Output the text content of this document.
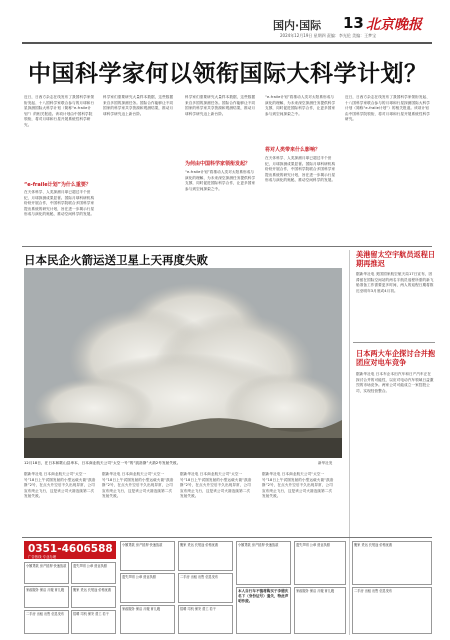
国内·国际 13 北京晚报
2024年12月19日 星期四 责编：李光伦 美编：王梦宝
中国科学家何以领衔国际大科学计划？
近日，日西方杂志在线发布了我国科学家领衔发起、十八国科学家联合参与的月球和行星探测国际大科学计划（简称“e-fraile计划”）的相关报道。该项计划由中国科学院领衔，将对月球和行星开展系统性科学研究。
在天体科学、人类探测月球已超过半个世纪，月球探测成果显著。国际月球科研机构纷纷开展合作，中国科学院联合多国科学家提出系统的研究计划，旨在进一步揭示行星形成与演化的奥秘，推动空间科学的发展。
“e-fraile计划”为什么重要？
科学家们需要研究大量样本数据，这些数据来自多国的探测任务。国际合作能够让不同国家的科学家共享资源和观测结果，推动月球科学研究迈上新台阶。
科学家们需要研究大量样本数据，这些数据来自多国的探测任务。国际合作能够让不同国家的科学家共享资源和观测结果，推动月球科学研究迈上新台阶。
为何由中国科学家领衔发起？
“e-fraile计划”将推动人类对太阳系形成与演化的理解，为未来深空探测任务提供科学支撑，同时促进国际科学合作，让更多国家参与到空间探索之中。
“e-fraile计划”将推动人类对太阳系形成与演化的理解，为未来深空探测任务提供科学支撑，同时促进国际科学合作，让更多国家参与到空间探索之中。
将对人类带来什么影响？
在天体科学、人类探测月球已超过半个世纪，月球探测成果显著。国际月球科研机构纷纷开展合作，中国科学院联合多国科学家提出系统的研究计划，旨在进一步揭示行星形成与演化的奥秘，推动空间科学的发展。
近日，日西方杂志在线发布了我国科学家领衔发起、十八国科学家联合参与的月球和行星探测国际大科学计划（简称“e-fraile计划”）的相关报道。该项计划由中国科学院领衔，将对月球和行星开展系统性科学研究。
日本民企火箭运送卫星上天再度失败
12月18日，在日本和歌山县串本，日本商业航天公司“太空一号”的“凯洛斯”火箭2号发射失败。	新华社发
据新华社电 日本商业航天公司“太空一号”18日上午试图发射的小型运载火箭“凯洛斯”2号，在点火升空后不久出现异常，公司宣布终止飞行，这是该公司火箭连续第二次发射失败。
据新华社电 日本商业航天公司“太空一号”18日上午试图发射的小型运载火箭“凯洛斯”2号，在点火升空后不久出现异常，公司宣布终止飞行，这是该公司火箭连续第二次发射失败。
据新华社电 日本商业航天公司“太空一号”18日上午试图发射的小型运载火箭“凯洛斯”2号，在点火升空后不久出现异常，公司宣布终止飞行，这是该公司火箭连续第二次发射失败。
据新华社电 日本商业航天公司“太空一号”18日上午试图发射的小型运载火箭“凯洛斯”2号，在点火升空后不久出现异常，公司宣布终止飞行，这是该公司火箭连续第二次发射失败。
美港留太空宇航员返程日期再推迟
据新华社电 美国国家航空航天局17日宣布，因滞留在国际空间站的两名宇航员返程所需的新飞船准备工作需要更多时间，两人的返程日期将推迟至明年3月底或4月初。
日本两大车企探讨合并抱团应对电车竞争
据新华社电 日本车企本田汽车和日产汽车正在探讨合并的可能性，以应对电动汽车领域日益激烈的市场竞争。两家公司可能成立一家控股公司，实现经营整合。
0351-4606588
广告热线 专业办理
小额贷款 房产抵押 快速放款	遗失声明 公章 营业执照
家政服务 保洁 月嫂 育儿嫂	搬家 货运 长短途 价格优惠
二手房 出租 出售 信息发布	招聘 司机 保安 普工 若干
小额贷款 房产抵押 快速放款
遗失声明 公章 营业执照
家政服务 保洁 月嫂 育儿嫂
搬家 货运 长短途 价格优惠
二手房 出租 出售 信息发布
招聘 司机 保安 普工 若干
小额贷款 房产抵押 快速放款
本人自行车不慎将购买于李德庆名下（身份证号）遗失，特此声明作废。
遗失声明 公章 营业执照
家政服务 保洁 月嫂 育儿嫂
搬家 货运 长短途 价格优惠
二手房 出租 出售 信息发布
